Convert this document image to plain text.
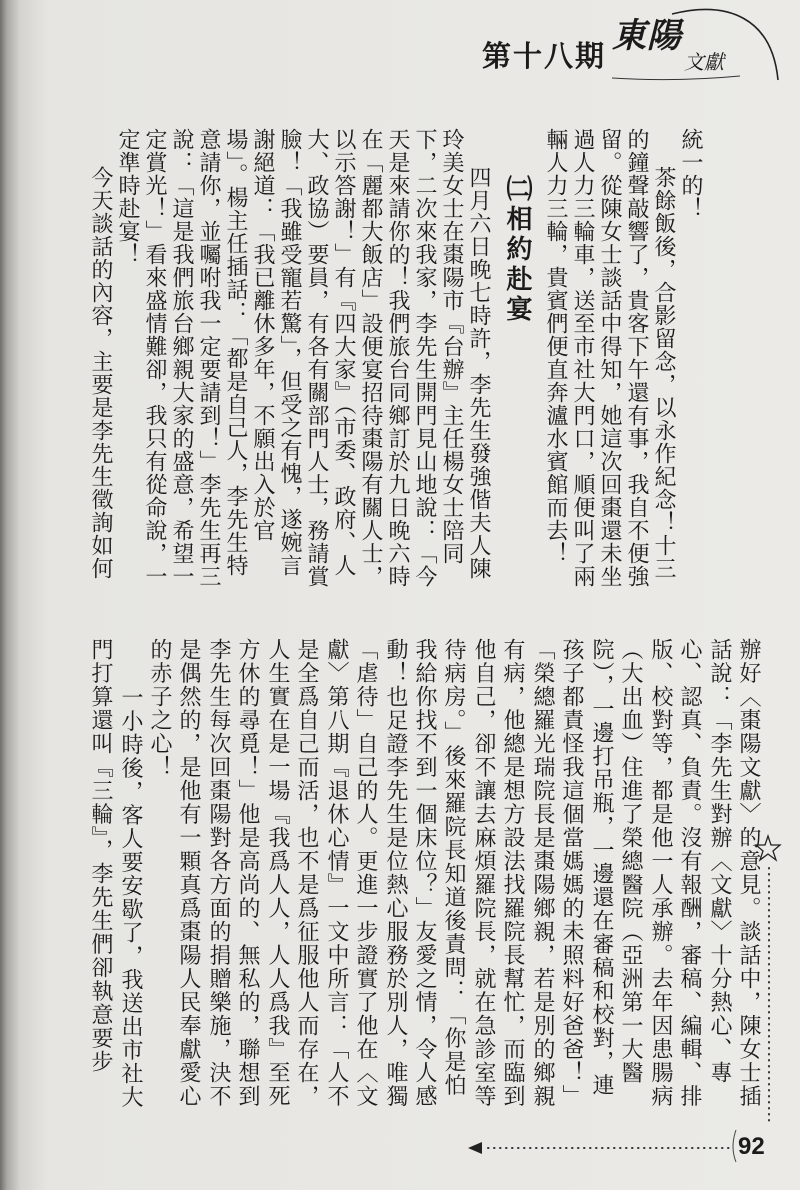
第十八期 東陽
文獻
統一的！
茶餘飯後，合影留念，以永作紀念！十三
的鐘聲敲響了，貴客下午還有事，我自不便強
留。從陳女士談話中得知，她這次回棗還未坐
過人力三輪車，送至市社大門口，順便叫了兩
輛人力三輪，貴賓們便直奔瀘水賓館而去！
㈡相約赴宴
四月六日晚七時許，李先生發強偕夫人陳
玲美女士在棗陽市『台辦』主任楊女士陪同
下，二次來我家，李先生開門見山地說：「今
天是來請你的！我們旅台同鄉訂於九日晚六時
在「麗都大飯店」設便宴招待棗陽有關人士，
以示答謝！」有『四大家』（市委、政府、人
大、政協）要員，有各有關部門人士，務請賞
臉！「我雖受寵若驚」，但受之有愧，遂婉言
謝絕道：「我已離休多年，不願出入於官
場」。楊主任插話：「都是自己人，李先生特
意請你，並囑咐我一定要請到！」李先生再三
說：「這是我們旅台鄉親大家的盛意，希望一
定賞光！」看來盛情難卻，我只有從命說，一
定準時赴宴！
今天談話的內容，主要是李先生徵詢如何
辦好〈棗陽文獻〉的意見。談話中，陳女士插
話說：「李先生對辦〈文獻〉十分熱心、專
心、認真、負責。沒有報酬，審稿、編輯、排
版、校對等，都是他一人承辦。去年因患腸病
（大出血）住進了榮總醫院（亞洲第一大醫
院），一邊打吊瓶，一邊還在審稿和校對，連
孩子都責怪我這個當媽媽的未照料好爸爸！」
「榮總羅光瑞院長是棗陽鄉親，若是別的鄉親
有病，他總是想方設法找羅院長幫忙，而臨到
他自己，卻不讓去麻煩羅院長，就在急診室等
待病房。」後來羅院長知道後責問：「你是怕
我給你找不到一個床位？」友愛之情，令人感
動！也足證李先生是位熱心服務於別人，唯獨
「虐待」自己的人。更進一步證實了他在〈文
獻〉第八期『退休心情』一文中所言：「人不
是全爲自己而活，也不是爲征服他人而存在，
人生實在是一場『我爲人人，人人爲我』至死
方休的尋覓！」他是高尚的、無私的，聯想到
李先生每次回棗陽對各方面的捐贈樂施，決不
是偶然的，是他有一顆真爲棗陽人民奉獻愛心
的赤子之心！
一小時後，客人要安歇了，我送出市社大
門打算還叫『三輪』，李先生們卻執意要步
92
